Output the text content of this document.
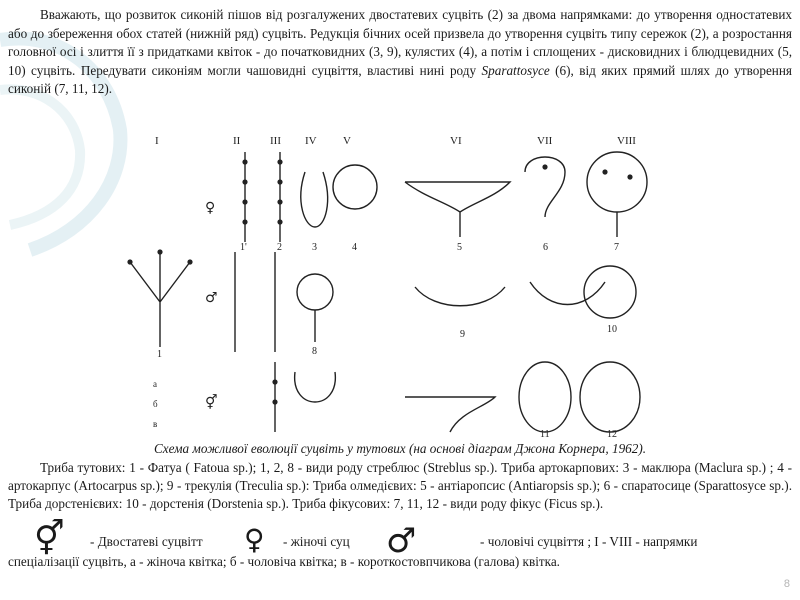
Вважають, що розвиток сиконій пішов від розгалужених двостатевих суцвіть (2) за двома напрямками: до утворення одностатевих або до збереження обох статей (нижній ряд) суцвіть. Редукція бічних осей призвела до утворення суцвіть типу сережок (2), а розростання головної осі і злиття її з придатками квіток - до початковидних (3, 9), кулястих (4), а потім і сплощених - дисковидних і блюдцевидних (5, 10) суцвіть. Передувати сиконіям могли чашовидні суцвіття, властиві нині роду Sparattosyce (6), від яких прямий шлях до утворення сиконій (7, 11, 12).

I	II	III IV V	VI	VII	VIII
1'	2	3	4	5	6	7
1	8
9	10
11	12
♀
♂
⚥
а
б
в

Схема можливої еволюції суцвіть у тутових (на основі діаграм Джона Корнера, 1962).

Триба тутових: 1 - Фатуа ( Fatoua sp.); 1, 2, 8 - види роду стреблюс (Streblus sp.). Триба артокарпових: 3 - маклюра (Maclura sp.) ; 4 - артокарпус (Artocarpus sp.); 9 - трекулія (Treculia sp.): Триба олмедієвих: 5 - антіаропсис (Antiaropsis sp.); 6 - спаратосице (Sparattosyce sp.). Триба дорстенієвих: 10 - дорстенія (Dorstenia sp.). Триба фікусових: 7, 11, 12 - види роду фікус (Ficus sp.).

⚥ - Двостатеві суцвітт ♀ - жіночі суц ♂	- чоловічі суцвіття ; I - VIII - напрямки
спеціалізації суцвіть, а - жіноча квітка; б - чоловіча квітка; в - короткостовпчикова (галова) квітка.
8
